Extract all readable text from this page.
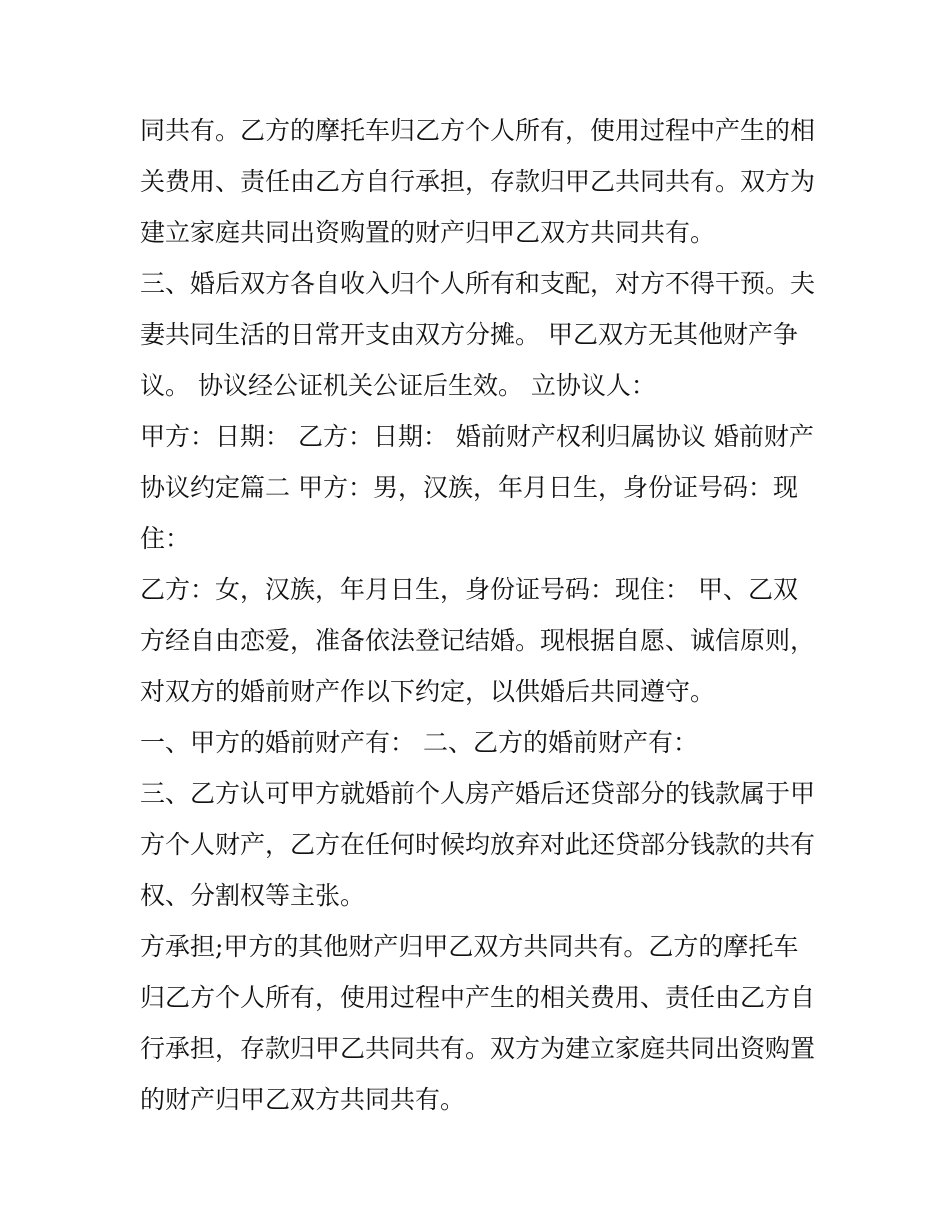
同共有。乙方的摩托车归乙方个人所有，使用过程中产生的相
关费用、责任由乙方自行承担，存款归甲乙共同共有。双方为
建立家庭共同出资购置的财产归甲乙双方共同共有。

三、婚后双方各自收入归个人所有和支配，对方不得干预。夫
妻共同生活的日常开支由双方分摊。 甲乙双方无其他财产争
议。 协议经公证机关公证后生效。 立协议人：

甲方：日期： 乙方：日期： 婚前财产权利归属协议 婚前财产
协议约定篇二 甲方：男，汉族，年月日生，身份证号码：现
住：

乙方：女，汉族，年月日生，身份证号码：现住： 甲、乙双
方经自由恋爱，准备依法登记结婚。现根据自愿、诚信原则，
对双方的婚前财产作以下约定，以供婚后共同遵守。

一、甲方的婚前财产有： 二、乙方的婚前财产有：

三、乙方认可甲方就婚前个人房产婚后还贷部分的钱款属于甲
方个人财产，乙方在任何时候均放弃对此还贷部分钱款的共有
权、分割权等主张。

方承担;甲方的其他财产归甲乙双方共同共有。乙方的摩托车
归乙方个人所有，使用过程中产生的相关费用、责任由乙方自
行承担，存款归甲乙共同共有。双方为建立家庭共同出资购置
的财产归甲乙双方共同共有。
